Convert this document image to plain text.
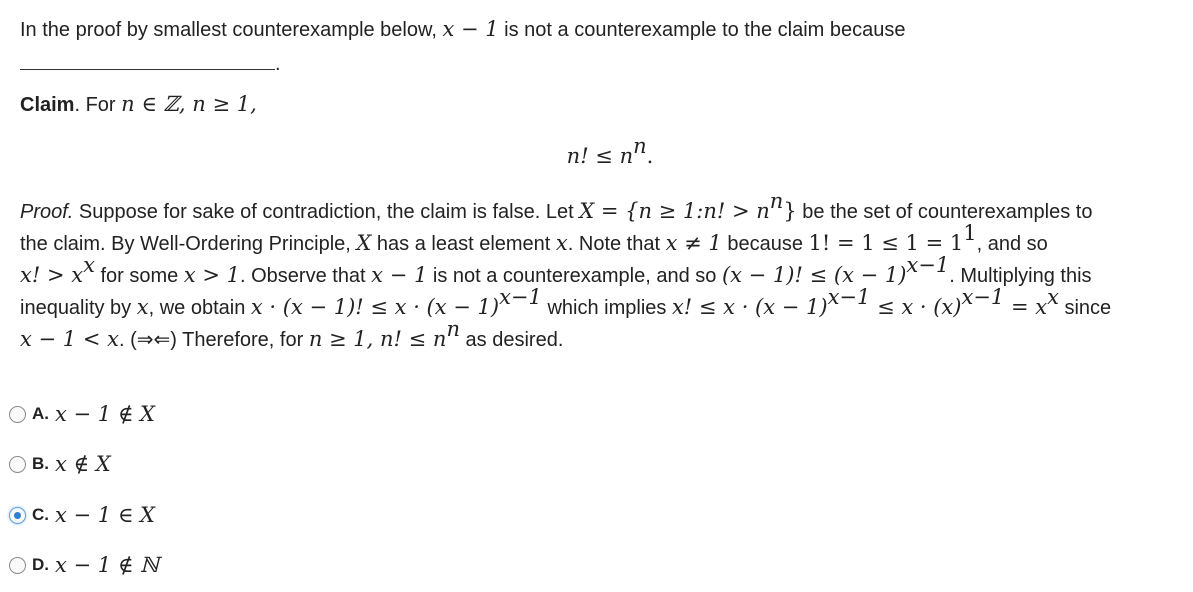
In the proof by smallest counterexample below, x − 1 is not a counterexample to the claim because
.
Claim. For n ∈ ℤ, n ≥ 1,
n! ≤ $n^n$.
Proof. Suppose for sake of contradiction, the claim is false. Let X = {n ≥ 1:n! > $n^n$} be the set of counterexamples to
the claim. By Well-Ordering Principle, X has a least element x. Note that x ≠ 1 because 1! = $1 \le 1 = 1^1$, and so
x! > $x^x$ for some x > 1. Observe that x − 1 is not a counterexample, and so (x − 1)! ≤ $(x - 1)^{x-1}$. Multiplying this
inequality by x, we obtain x · (x − 1)! ≤ $x \cdot (x - 1)^{x-1}$ which implies x! ≤ $x \cdot (x - 1)^{x-1} \le x \cdot (x)^{x-1} = x^x$ since
x − 1 < x. (⇒⇐) Therefore, for n ≥ 1, n! ≤ $n^n$ as desired.
A. x − 1 ∉ X
B. x ∉ X
C. x − 1 ∈ X
D. x − 1 ∉ ℕ
